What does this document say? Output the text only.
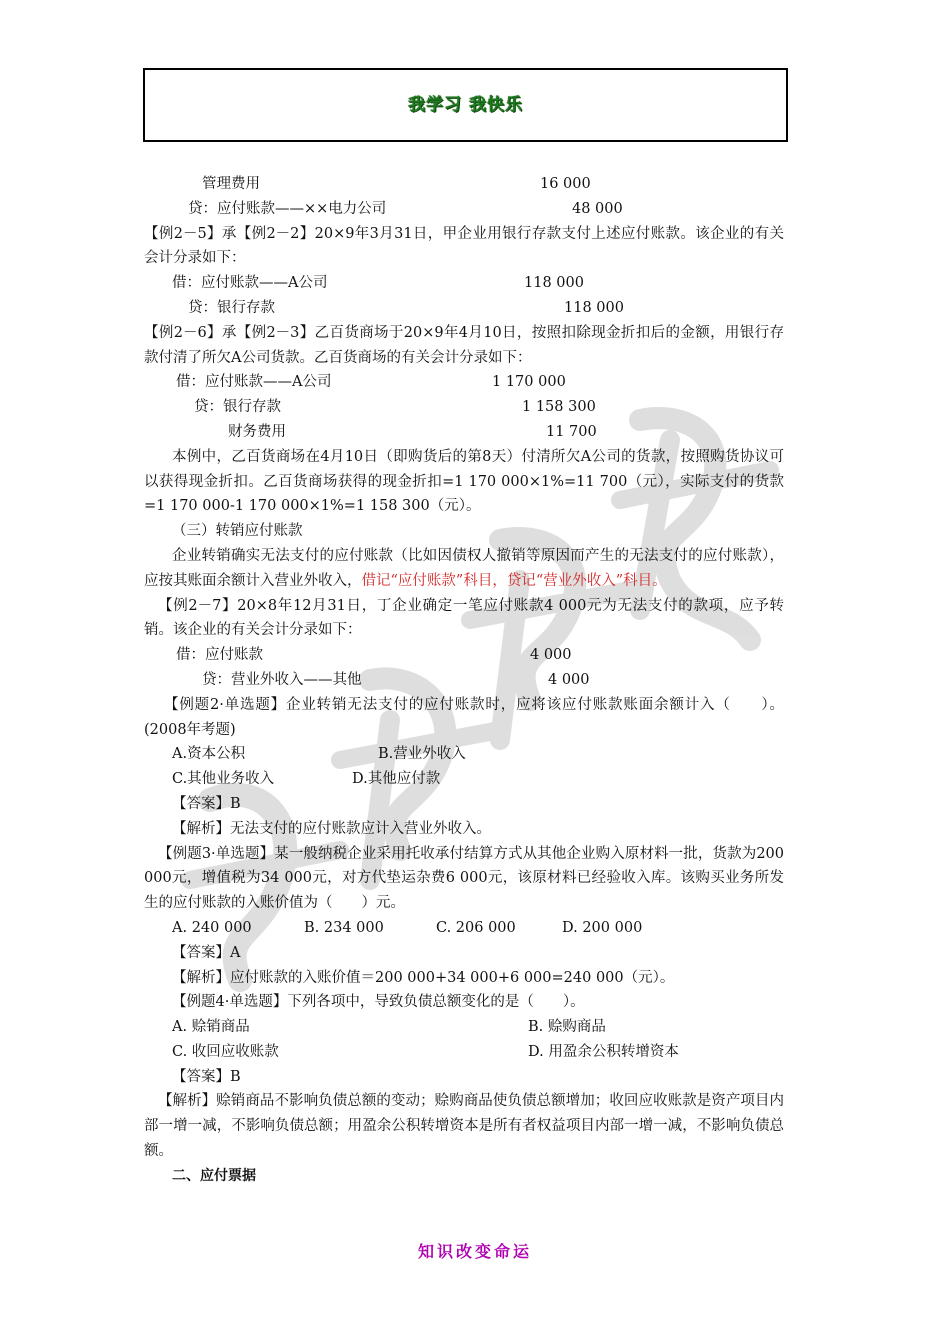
我学习 我快乐
管理费用	16 000
贷：应付账款——××电力公司	48 000
【例2－5】承【例2－2】20×9年3月31日，甲企业用银行存款支付上述应付账款。该企业的有关会计分录如下：
借：应付账款——A公司	118 000
贷：银行存款	118 000
【例2－6】承【例2－3】乙百货商场于20×9年4月10日，按照扣除现金折扣后的金额，用银行存款付清了所欠A公司货款。乙百货商场的有关会计分录如下：
借：应付账款——A公司	1 170 000
贷：银行存款	1 158 300
财务费用	11 700
本例中，乙百货商场在4月10日（即购货后的第8天）付清所欠A公司的货款，按照购货协议可以获得现金折扣。乙百货商场获得的现金折扣=1 170 000×1%=11 700（元），实际支付的货款=1 170 000-1 170 000×1%=1 158 300（元）。
（三）转销应付账款
企业转销确实无法支付的应付账款（比如因债权人撤销等原因而产生的无法支付的应付账款），应按其账面余额计入营业外收入，借记“应付账款”科目，贷记“营业外收入”科目。
【例2－7】20×8年12月31日，丁企业确定一笔应付账款4 000元为无法支付的款项，应予转销。该企业的有关会计分录如下：
借：应付账款	4 000
贷：营业外收入——其他	4 000
【例题2·单选题】企业转销无法支付的应付账款时，应将该应付账款账面余额计入（　　）。(2008年考题)
A.资本公积	B.营业外收入
C.其他业务收入	D.其他应付款
【答案】B
【解析】无法支付的应付账款应计入营业外收入。
【例题3·单选题】某一般纳税企业采用托收承付结算方式从其他企业购入原材料一批，货款为200 000元，增值税为34 000元，对方代垫运杂费6 000元，该原材料已经验收入库。该购买业务所发生的应付账款的入账价值为（　　）元。
A. 240 000	B. 234 000	C. 206 000	D. 200 000
【答案】A
【解析】应付账款的入账价值＝200 000+34 000+6 000=240 000（元）。
【例题4·单选题】下列各项中，导致负债总额变化的是（　　）。
A. 赊销商品	B. 赊购商品
C. 收回应收账款	D. 用盈余公积转增资本
【答案】B
【解析】赊销商品不影响负债总额的变动；赊购商品使负债总额增加；收回应收账款是资产项目内部一增一减，不影响负债总额；用盈余公积转增资本是所有者权益项目内部一增一减，不影响负债总额。
二、应付票据
知识改变命运
